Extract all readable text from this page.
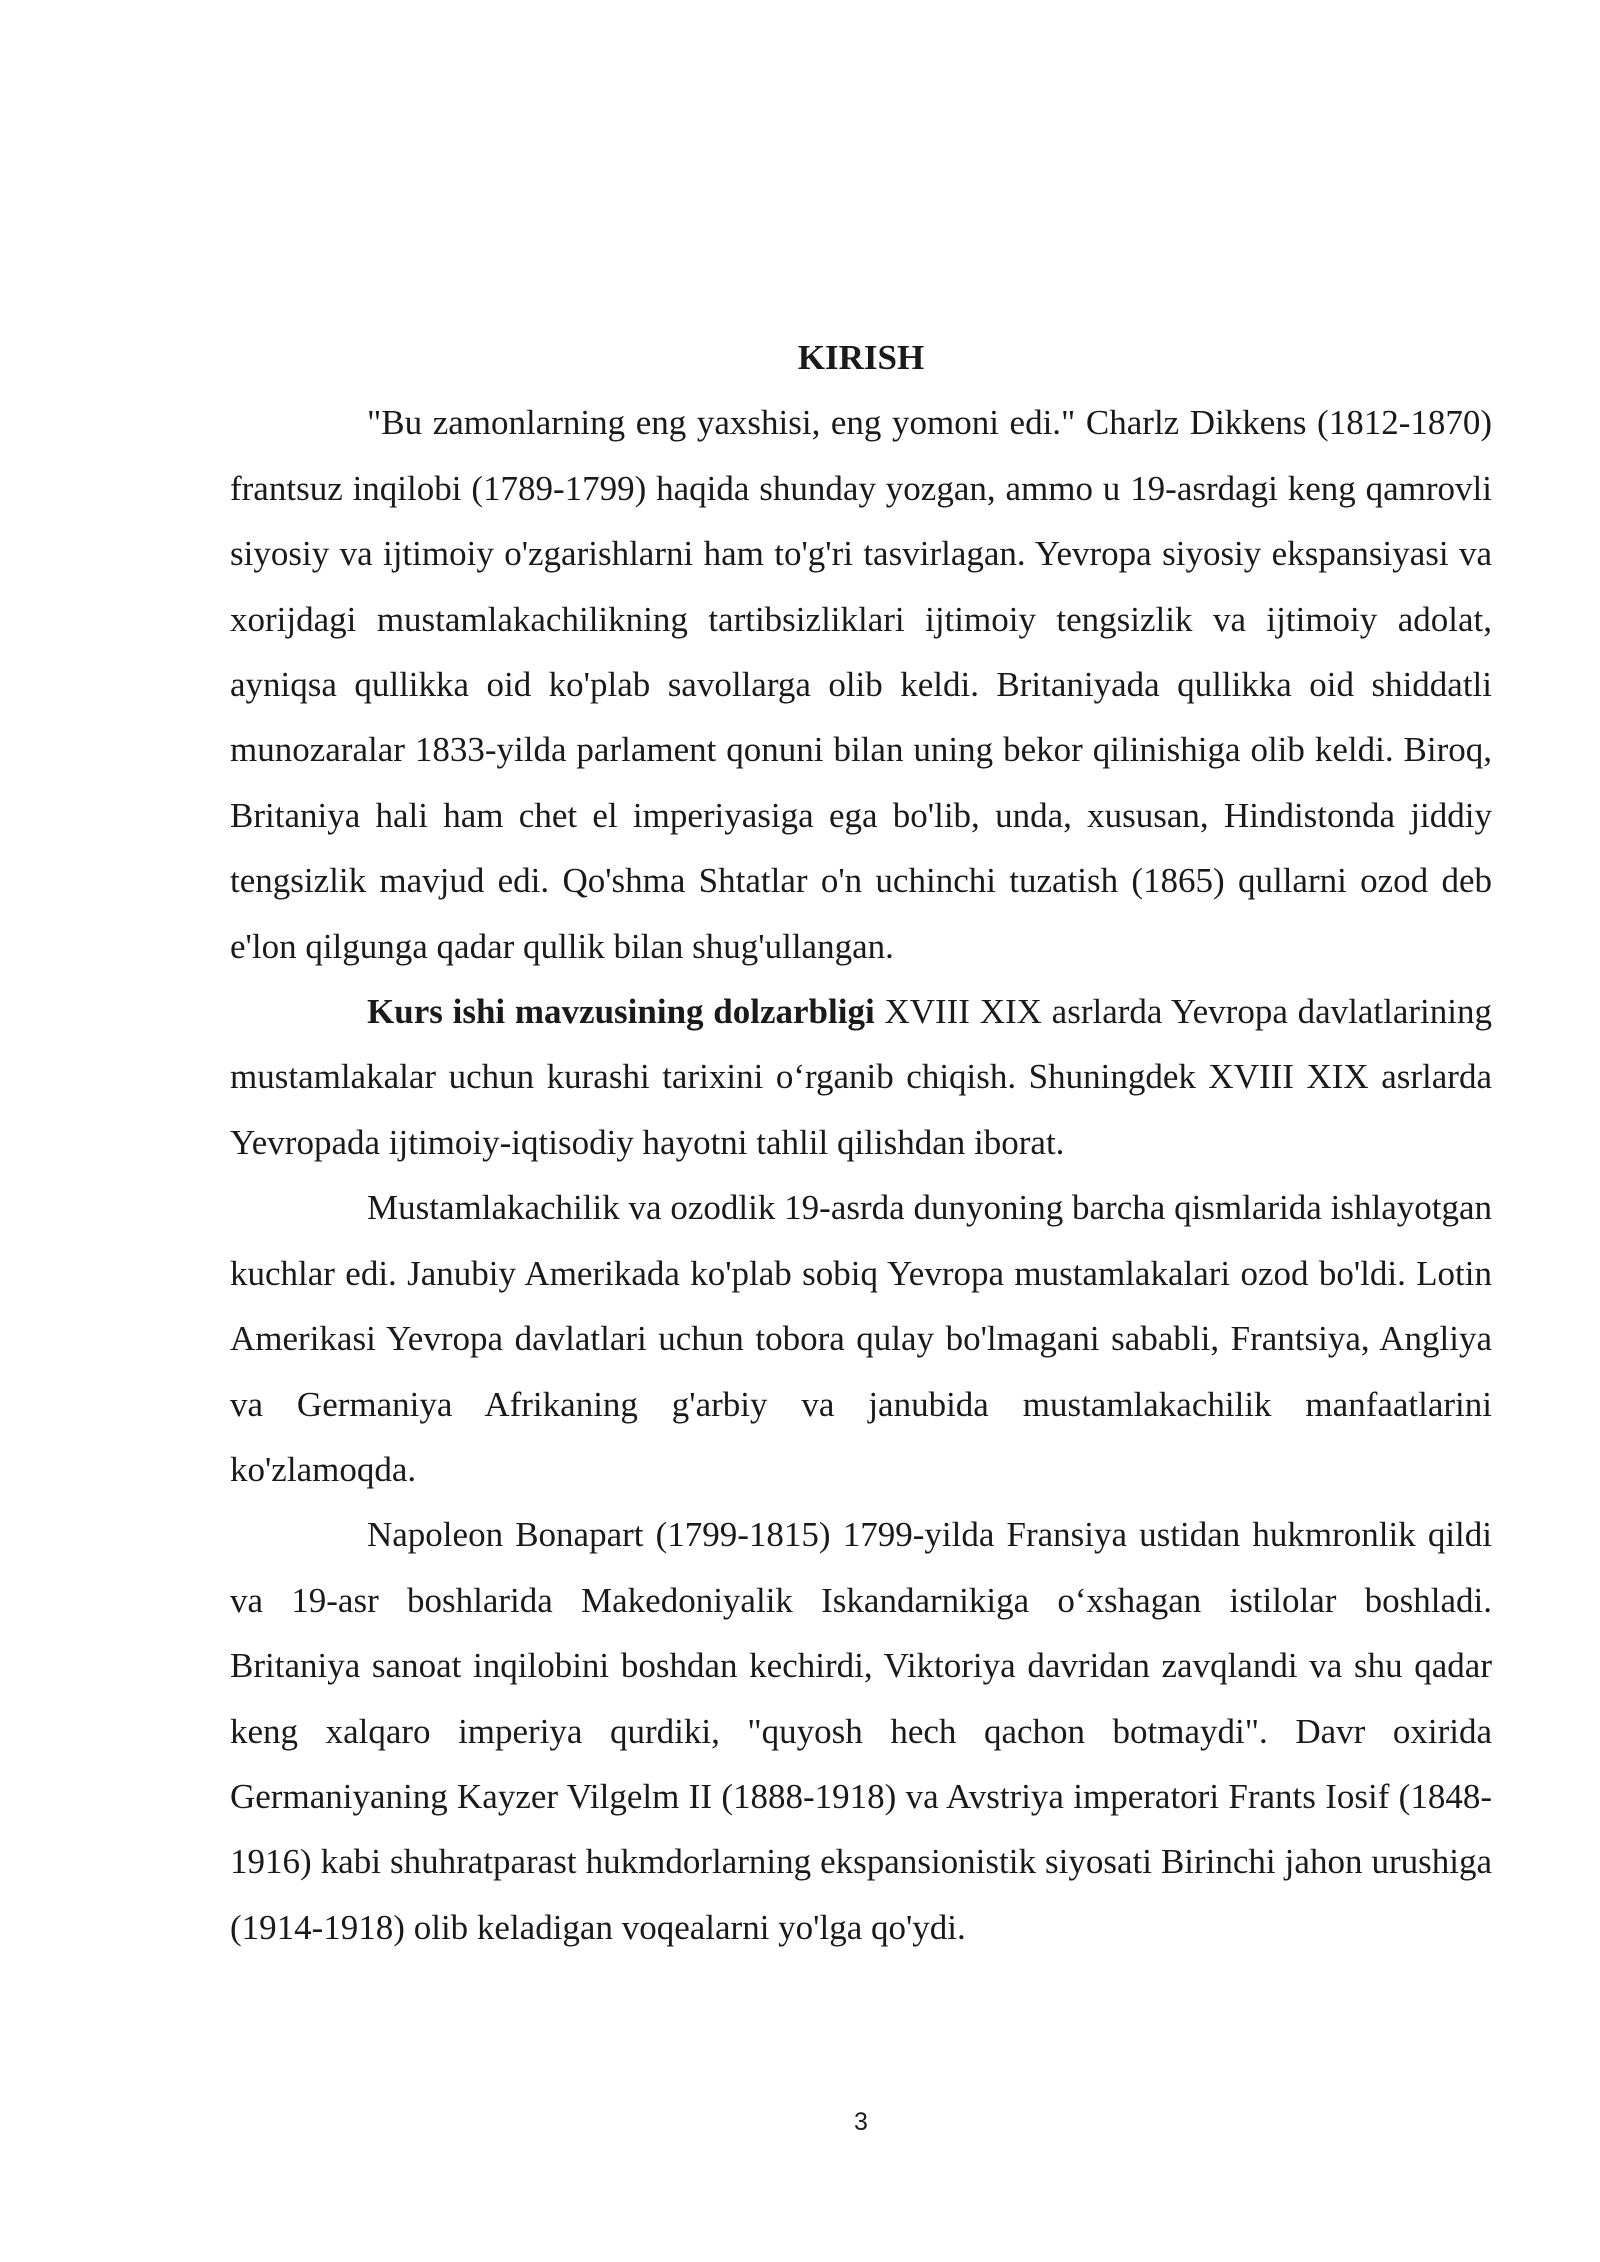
KIRISH

"Bu zamonlarning eng yaxshisi, eng yomoni edi." Charlz Dikkens (1812-1870) frantsuz inqilobi (1789-1799) haqida shunday yozgan, ammo u 19-asrdagi keng qamrovli siyosiy va ijtimoiy o'zgarishlarni ham to'g'ri tasvirlagan. Yevropa siyosiy ekspansiyasi va xorijdagi mustamlakachilikning tartibsizliklari ijtimoiy tengsizlik va ijtimoiy adolat, ayniqsa qullikka oid ko'plab savollarga olib keldi. Britaniyada qullikka oid shiddatli munozaralar 1833-yilda parlament qonuni bilan uning bekor qilinishiga olib keldi. Biroq, Britaniya hali ham chet el imperiyasiga ega bo'lib, unda, xususan, Hindistonda jiddiy tengsizlik mavjud edi. Qo'shma Shtatlar o'n uchinchi tuzatish (1865) qullarni ozod deb e'lon qilgunga qadar qullik bilan shug'ullangan.

Kurs ishi mavzusining dolzarbligi XVIII XIX asrlarda Yevropa davlatlarining mustamlakalar uchun kurashi tarixini o‘rganib chiqish. Shuningdek XVIII XIX asrlarda Yevropada ijtimoiy-iqtisodiy hayotni tahlil qilishdan iborat.

Mustamlakachilik va ozodlik 19-asrda dunyoning barcha qismlarida ishlayotgan kuchlar edi. Janubiy Amerikada ko'plab sobiq Yevropa mustamlakalari ozod bo'ldi. Lotin Amerikasi Yevropa davlatlari uchun tobora qulay bo'lmagani sababli, Frantsiya, Angliya va Germaniya Afrikaning g'arbiy va janubida mustamlakachilik manfaatlarini ko'zlamoqda.

Napoleon Bonapart (1799-1815) 1799-yilda Fransiya ustidan hukmronlik qildi va 19-asr boshlarida Makedoniyalik Iskandarnikiga o‘xshagan istilolar boshladi. Britaniya sanoat inqilobini boshdan kechirdi, Viktoriya davridan zavqlandi va shu qadar keng xalqaro imperiya qurdiki, "quyosh hech qachon botmaydi". Davr oxirida Germaniyaning Kayzer Vilgelm II (1888-1918) va Avstriya imperatori Frants Iosif (1848-1916) kabi shuhratparast hukmdorlarning ekspansionistik siyosati Birinchi jahon urushiga (1914-1918) olib keladigan voqealarni yo'lga qo'ydi.

3
